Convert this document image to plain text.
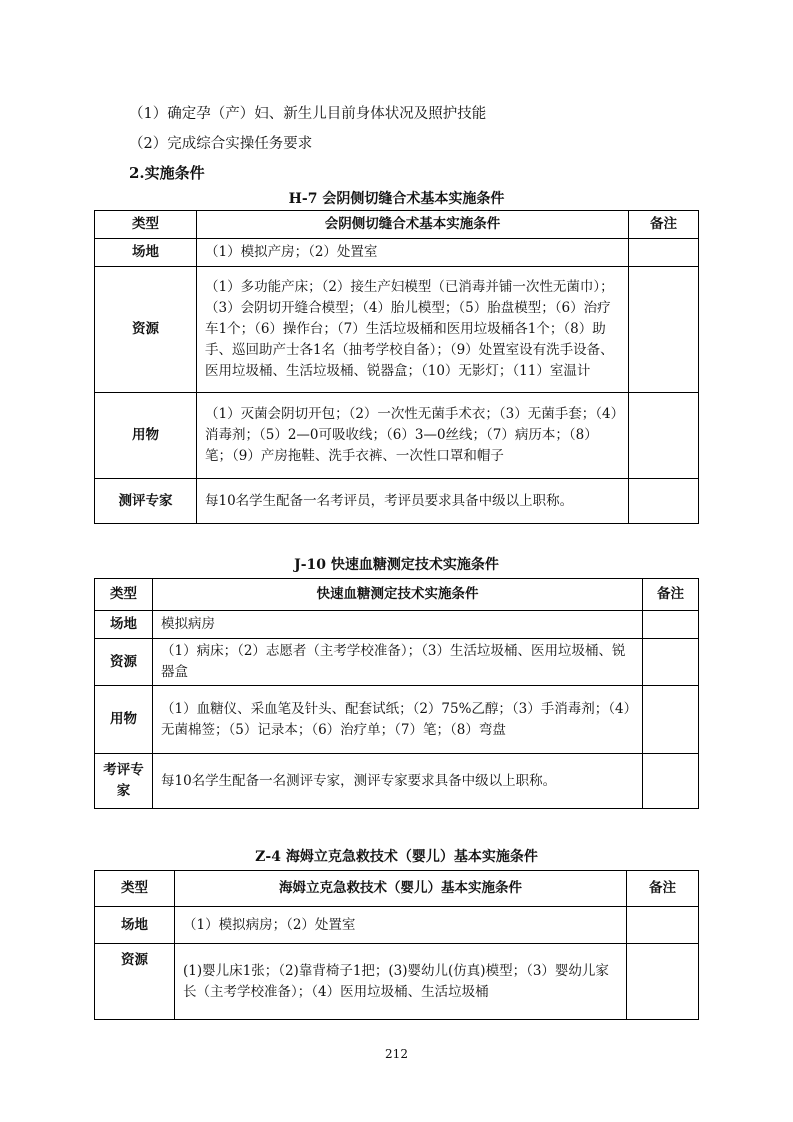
（1）确定孕（产）妇、新生儿目前身体状况及照护技能
（2）完成综合实操任务要求
2.实施条件
H-7 会阴侧切缝合术基本实施条件
类型	会阴侧切缝合术基本实施条件	备注
场地	（1）模拟产房；（2）处置室	
资源	（1）多功能产床；（2）接生产妇模型（已消毒并铺一次性无菌巾）；（3）会阴切开缝合模型；（4）胎儿模型；（5）胎盘模型；（6）治疗车1个；（6）操作台；（7）生活垃圾桶和医用垃圾桶各1个；（8）助手、巡回助产士各1名（抽考学校自备）；（9）处置室设有洗手设备、医用垃圾桶、生活垃圾桶、锐器盒；（10）无影灯；（11）室温计	
用物	（1）灭菌会阴切开包；（2）一次性无菌手术衣；（3）无菌手套；（4）消毒剂；（5）2—0可吸收线；（6）3—0丝线；（7）病历本；（8）笔；（9）产房拖鞋、洗手衣裤、一次性口罩和帽子	
测评专家	每10名学生配备一名考评员，考评员要求具备中级以上职称。	
J-10 快速血糖测定技术实施条件
类型	快速血糖测定技术实施条件	备注
场地	模拟病房	
资源	（1）病床；（2）志愿者（主考学校准备）；（3）生活垃圾桶、医用垃圾桶、锐器盒	
用物	（1）血糖仪、采血笔及针头、配套试纸；（2）75%乙醇；（3）手消毒剂；（4）无菌棉签；（5）记录本；（6）治疗单；（7）笔；（8）弯盘	
考评专家	每10名学生配备一名测评专家，测评专家要求具备中级以上职称。	
Z-4 海姆立克急救技术（婴儿）基本实施条件
类型	海姆立克急救技术（婴儿）基本实施条件	备注
场地	（1）模拟病房；（2）处置室	
资源	(1)婴儿床1张；（2)靠背椅子1把；(3)婴幼儿(仿真)模型；（3）婴幼儿家长（主考学校准备）；（4）医用垃圾桶、生活垃圾桶	
212
